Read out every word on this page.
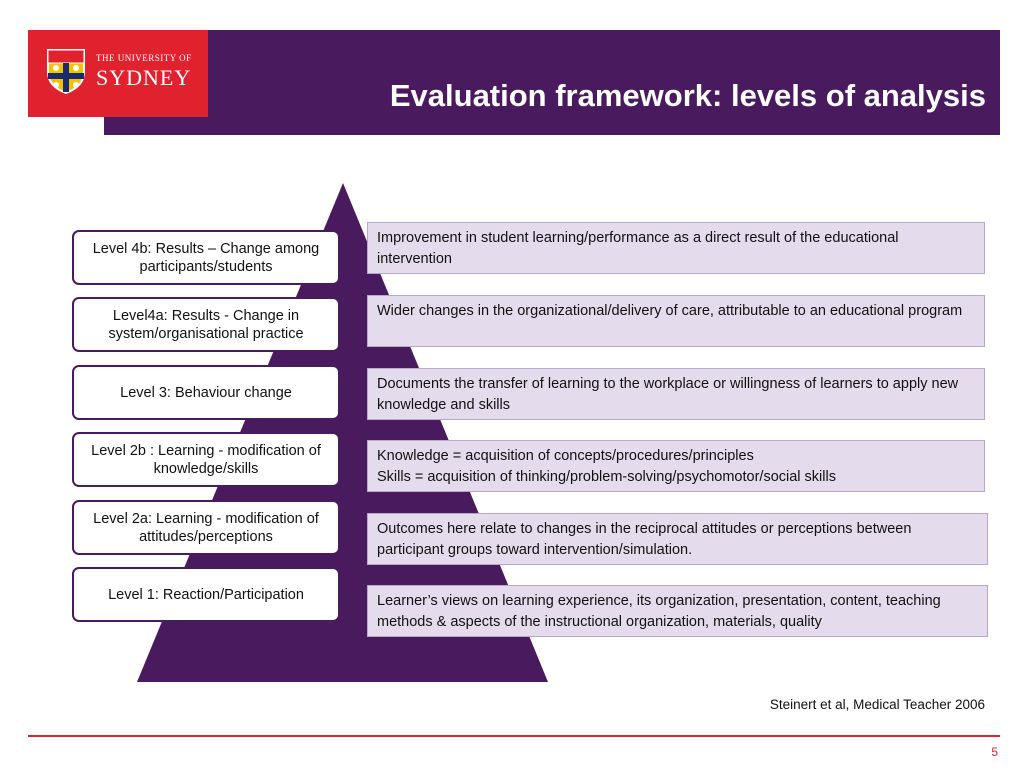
Evaluation framework: levels of analysis
THE UNIVERSITY OF
SYDNEY
Level 4b: Results – Change among participants/students
Level4a: Results - Change in system/organisational practice
Level 3: Behaviour change
Level 2b : Learning - modification of knowledge/skills
Level 2a: Learning - modification of attitudes/perceptions
Level 1: Reaction/Participation
Improvement in student learning/performance as a direct result of the educational intervention
Wider changes in the organizational/delivery of care, attributable to an educational program
Documents the transfer of learning to the workplace or willingness of learners to apply new knowledge and skills
Knowledge = acquisition of concepts/procedures/principles
Skills = acquisition of thinking/problem-solving/psychomotor/social skills
Outcomes here relate to changes in the reciprocal attitudes or perceptions between participant groups toward intervention/simulation.
Learner’s views on learning experience, its organization, presentation, content, teaching methods & aspects of the instructional organization, materials, quality
Steinert et al, Medical Teacher 2006
5
